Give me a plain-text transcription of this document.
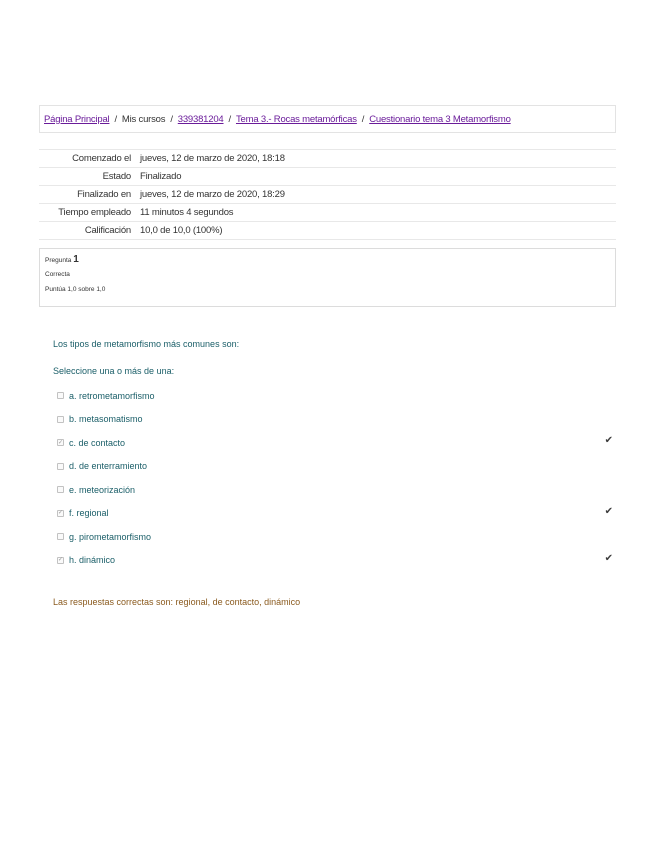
Página Principal / Mis cursos / 339381204 / Tema 3.- Rocas metamórficas / Cuestionario tema 3 Metamorfismo
Comenzado el	jueves, 12 de marzo de 2020, 18:18
Estado	Finalizado
Finalizado en	jueves, 12 de marzo de 2020, 18:29
Tiempo empleado	11 minutos 4 segundos
Calificación	10,0 de 10,0 (100%)
Pregunta 1
Correcta
Puntúa 1,0 sobre 1,0
Los tipos de metamorfismo más comunes son:
Seleccione una o más de una:
a. retrometamorfismo
b. metasomatismo
✓ c. de contacto	✔
d. de enterramiento
e. meteorización
✓ f. regional	✔
g. pirometamorfismo
✓ h. dinámico	✔
Las respuestas correctas son: regional, de contacto, dinámico
